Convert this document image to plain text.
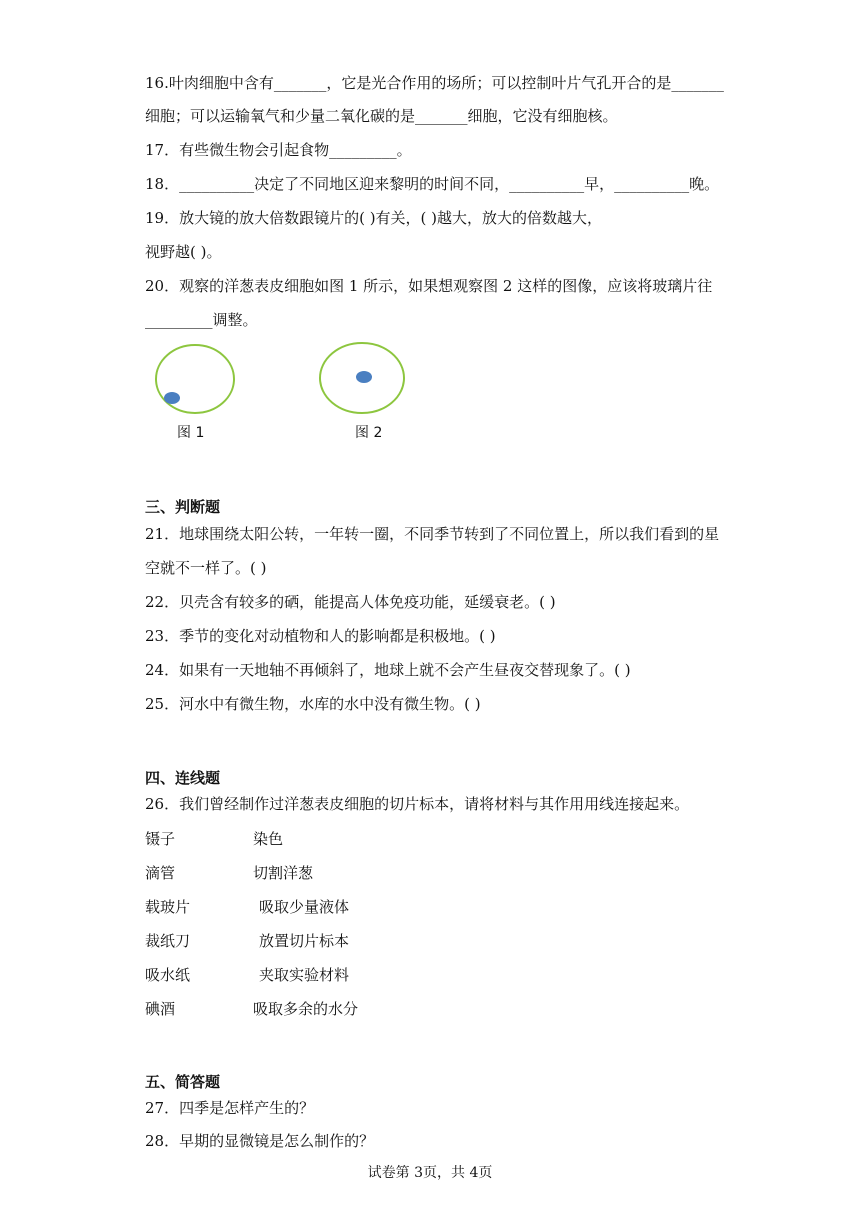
16.叶肉细胞中含有_______，它是光合作用的场所；可以控制叶片气孔开合的是_______
细胞；可以运输氧气和少量二氧化碳的是_______细胞，它没有细胞核。
17．有些微生物会引起食物_________。
18．__________决定了不同地区迎来黎明的时间不同，__________早，__________晚。
19．放大镜的放大倍数跟镜片的( )有关，( )越大，放大的倍数越大，
视野越( )。
20．观察的洋葱表皮细胞如图 1 所示，如果想观察图 2 这样的图像，应该将玻璃片往
_________调整。
图 1	图 2
三、判断题
21．地球围绕太阳公转，一年转一圈，不同季节转到了不同位置上，所以我们看到的星
空就不一样了。( )
22．贝壳含有较多的硒，能提高人体免疫功能，延缓衰老。( )
23．季节的变化对动植物和人的影响都是积极地。( )
24．如果有一天地轴不再倾斜了，地球上就不会产生昼夜交替现象了。( )
25．河水中有微生物，水库的水中没有微生物。( )
四、连线题
26．我们曾经制作过洋葱表皮细胞的切片标本，请将材料与其作用用线连接起来。
镊子	染色
滴管	切割洋葱
载玻片	吸取少量液体
裁纸刀	放置切片标本
吸水纸	夹取实验材料
碘酒	吸取多余的水分
五、简答题
27．四季是怎样产生的？
28．早期的显微镜是怎么制作的？
试卷第 3页，共 4页
